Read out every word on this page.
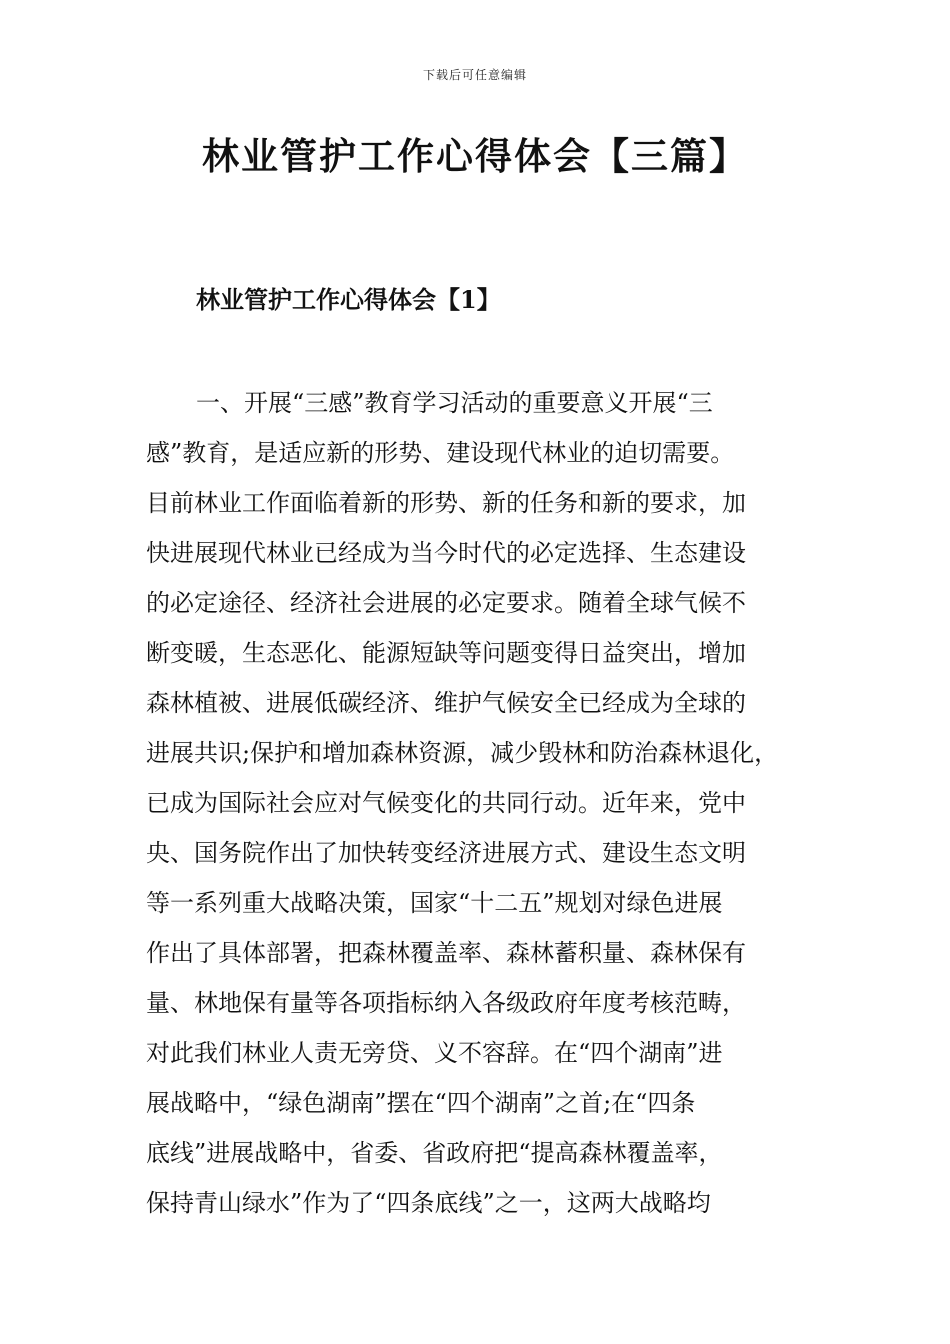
下载后可任意编辑
林业管护工作心得体会【三篇】
林业管护工作心得体会【1】
一、开展“三感”教育学习活动的重要意义开展“三
感”教育，是适应新的形势、建设现代林业的迫切需要。
目前林业工作面临着新的形势、新的任务和新的要求，加
快进展现代林业已经成为当今时代的必定选择、生态建设
的必定途径、经济社会进展的必定要求。随着全球气候不
断变暖，生态恶化、能源短缺等问题变得日益突出，增加
森林植被、进展低碳经济、维护气候安全已经成为全球的
进展共识;保护和增加森林资源，减少毁林和防治森林退化，
已成为国际社会应对气候变化的共同行动。近年来，党中
央、国务院作出了加快转变经济进展方式、建设生态文明
等一系列重大战略决策，国家“十二五”规划对绿色进展
作出了具体部署，把森林覆盖率、森林蓄积量、森林保有
量、林地保有量等各项指标纳入各级政府年度考核范畴，
对此我们林业人责无旁贷、义不容辞。在“四个湖南”进
展战略中，“绿色湖南”摆在“四个湖南”之首;在“四条
底线”进展战略中，省委、省政府把“提高森林覆盖率，
保持青山绿水”作为了“四条底线”之一，这两大战略均
